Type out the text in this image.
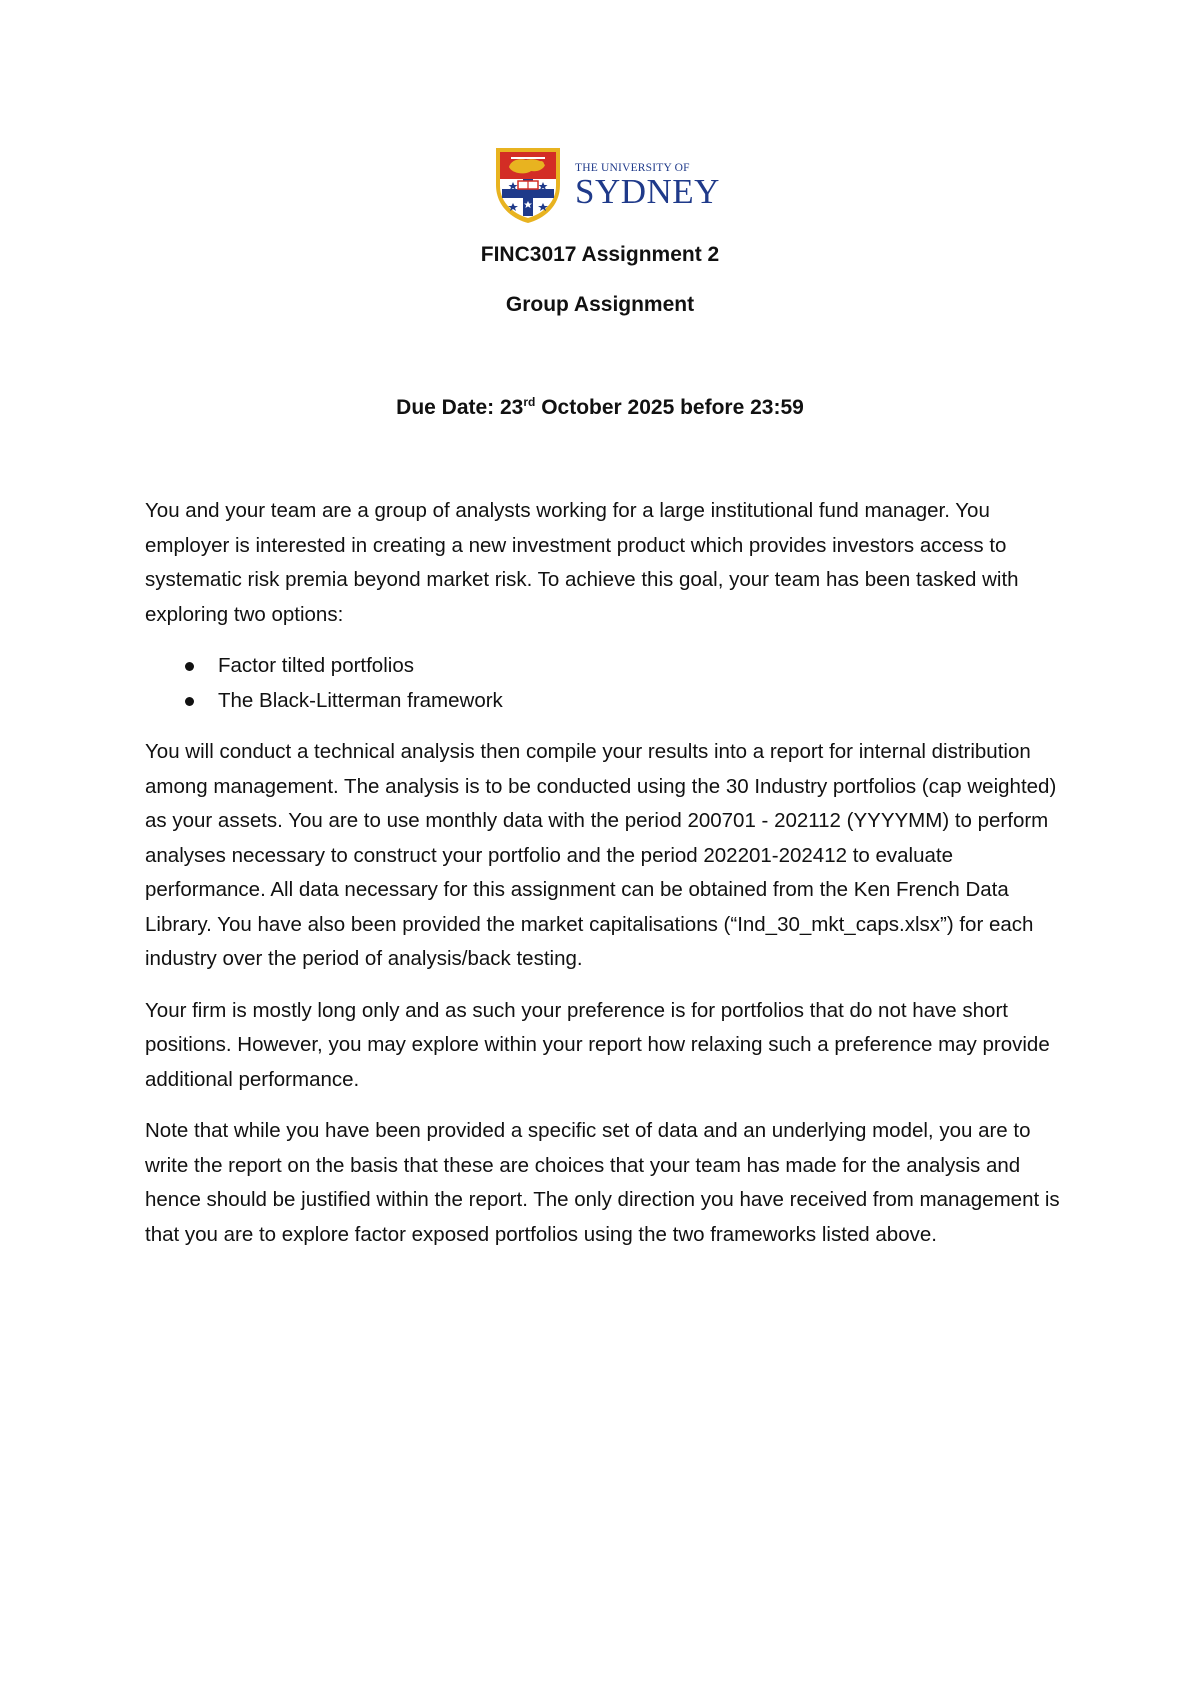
THE UNIVERSITY OF
SYDNEY
FINC3017 Assignment 2
Group Assignment
Due Date: 23rd October 2025 before 23:59

You and your team are a group of analysts working for a large institutional fund manager. You employer is interested in creating a new investment product which provides investors access to systematic risk premia beyond market risk. To achieve this goal, your team has been tasked with exploring two options:

Factor tilted portfolios
The Black-Litterman framework

You will conduct a technical analysis then compile your results into a report for internal distribution among management. The analysis is to be conducted using the 30 Industry portfolios (cap weighted) as your assets. You are to use monthly data with the period 200701 - 202112 (YYYYMM) to perform analyses necessary to construct your portfolio and the period 202201-202412 to evaluate performance. All data necessary for this assignment can be obtained from the Ken French Data Library. You have also been provided the market capitalisations (“Ind_30_mkt_caps.xlsx”) for each industry over the period of analysis/back testing.

Your firm is mostly long only and as such your preference is for portfolios that do not have short positions. However, you may explore within your report how relaxing such a preference may provide additional performance.

Note that while you have been provided a specific set of data and an underlying model, you are to write the report on the basis that these are choices that your team has made for the analysis and hence should be justified within the report. The only direction you have received from management is that you are to explore factor exposed portfolios using the two frameworks listed above.
